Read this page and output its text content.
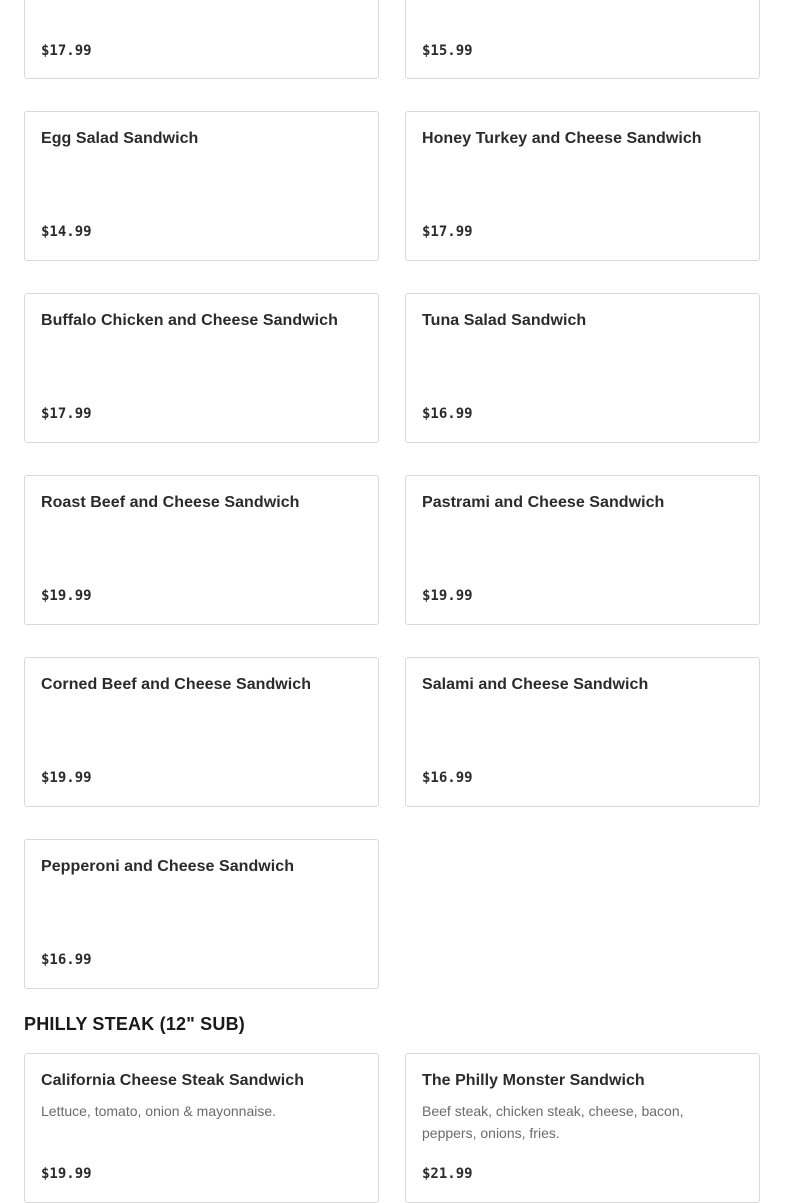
$17.99	$15.99
Egg Salad Sandwich
$14.99
Honey Turkey and Cheese Sandwich
$17.99
Buffalo Chicken and Cheese Sandwich
$17.99
Tuna Salad Sandwich
$16.99
Roast Beef and Cheese Sandwich
$19.99
Pastrami and Cheese Sandwich
$19.99
Corned Beef and Cheese Sandwich
$19.99
Salami and Cheese Sandwich
$16.99
Pepperoni and Cheese Sandwich
$16.99
PHILLY STEAK (12" SUB)
California Cheese Steak Sandwich
Lettuce, tomato, onion & mayonnaise.
$19.99
The Philly Monster Sandwich
Beef steak, chicken steak, cheese, bacon, peppers, onions, fries.
$21.99
